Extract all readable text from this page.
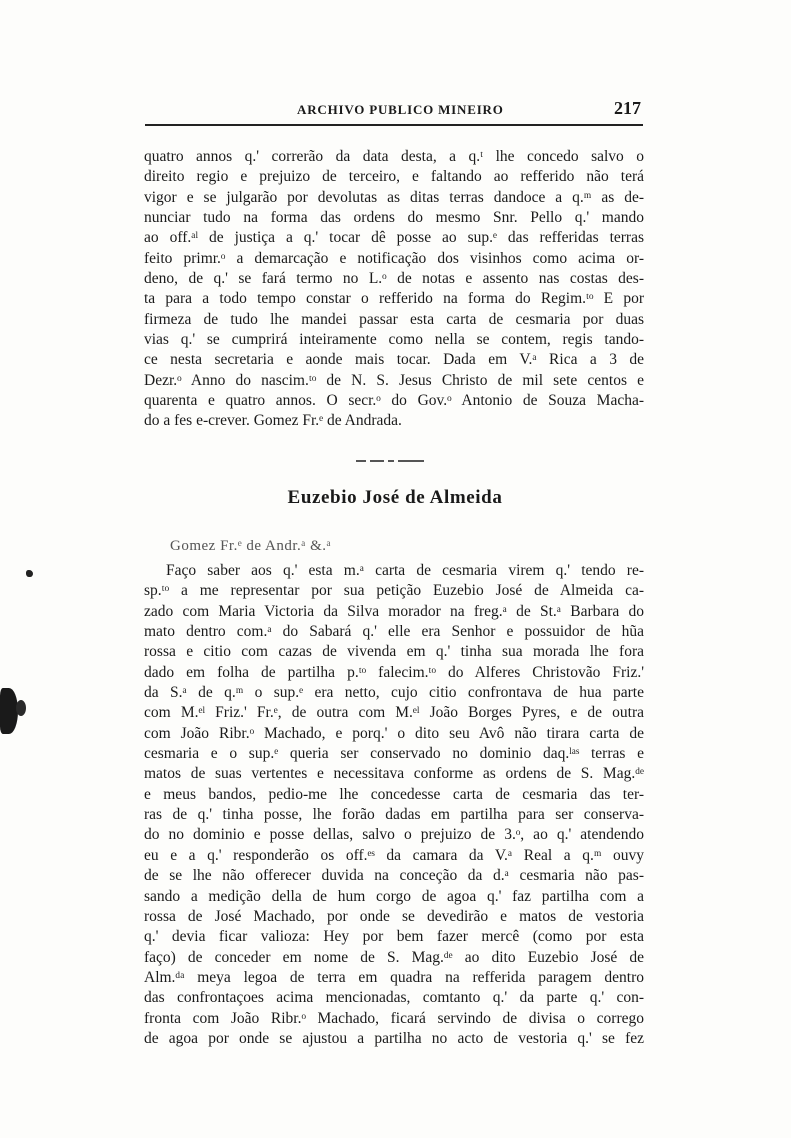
ARCHIVO PUBLICO MINEIRO	217
quatro annos q.' correrão da data desta, a q.ᵗ lhe concedo salvo o
direito regio e prejuizo de terceiro, e faltando ao refferido não terá
vigor e se julgarão por devolutas as ditas terras dandoce a q.ᵐ as de-
nunciar tudo na forma das ordens do mesmo Snr. Pello q.' mando
ao off.ᵃˡ de justiça a q.' tocar dê posse ao sup.ᵉ das refferidas terras
feito primr.ᵒ a demarcação e notificação dos visinhos como acima or-
deno, de q.' se fará termo no L.ᵒ de notas e assento nas costas des-
ta para a todo tempo constar o refferido na forma do Regim.ᵗᵒ E por
firmeza de tudo lhe mandei passar esta carta de cesmaria por duas
vias q.' se cumprirá inteiramente como nella se contem, regis tando-
ce nesta secretaria e aonde mais tocar. Dada em V.ᵃ Rica a 3 de
Dezr.ᵒ Anno do nascim.ᵗᵒ de N. S. Jesus Christo de mil sete centos e
quarenta e quatro annos. O secr.ᵒ do Gov.ᵒ Antonio de Souza Macha-
do a fes e-crever. Gomez Fr.ᵉ de Andrada.
Euzebio José de Almeida
Gomez Fr.ᵉ de Andr.ᵃ &.ᵃ
Faço saber aos q.' esta m.ᵃ carta de cesmaria virem q.' tendo re-
sp.ᵗᵒ a me representar por sua petição Euzebio José de Almeida ca-
zado com Maria Victoria da Silva morador na freg.ᵃ de St.ᵃ Barbara do
mato dentro com.ᵃ do Sabará q.' elle era Senhor e possuidor de hũa
rossa e citio com cazas de vivenda em q.' tinha sua morada lhe fora
dado em folha de partilha p.ᵗᵒ falecim.ᵗᵒ do Alferes Christovão Friz.'
da S.ᵃ de q.ᵐ o sup.ᵉ era netto, cujo citio confrontava de hua parte
com M.ᵉˡ Friz.' Fr.ᵉ, de outra com M.ᵉˡ João Borges Pyres, e de outra
com João Ribr.ᵒ Machado, e porq.' o dito seu Avô não tirara carta de
cesmaria e o sup.ᵉ queria ser conservado no dominio daq.ˡᵃˢ terras e
matos de suas vertentes e necessitava conforme as ordens de S. Mag.ᵈᵉ
e meus bandos, pedio-me lhe concedesse carta de cesmaria das ter-
ras de q.' tinha posse, lhe forão dadas em partilha para ser conserva-
do no dominio e posse dellas, salvo o prejuizo de 3.ᵒ, ao q.' atendendo
eu e a q.' responderão os off.ᵉˢ da camara da V.ᵃ Real a q.ᵐ ouvy
de se lhe não offerecer duvida na conceção da d.ᵃ cesmaria não pas-
sando a medição della de hum corgo de agoa q.' faz partilha com a
rossa de José Machado, por onde se devedirão e matos de vestoria
q.' devia ficar valioza: Hey por bem fazer mercê (como por esta
faço) de conceder em nome de S. Mag.ᵈᵉ ao dito Euzebio José de
Alm.ᵈᵃ meya legoa de terra em quadra na refferida paragem dentro
das confrontaçoes acima mencionadas, comtanto q.' da parte q.' con-
fronta com João Ribr.ᵒ Machado, ficará servindo de divisa o corrego
de agoa por onde se ajustou a partilha no acto de vestoria q.' se fez
